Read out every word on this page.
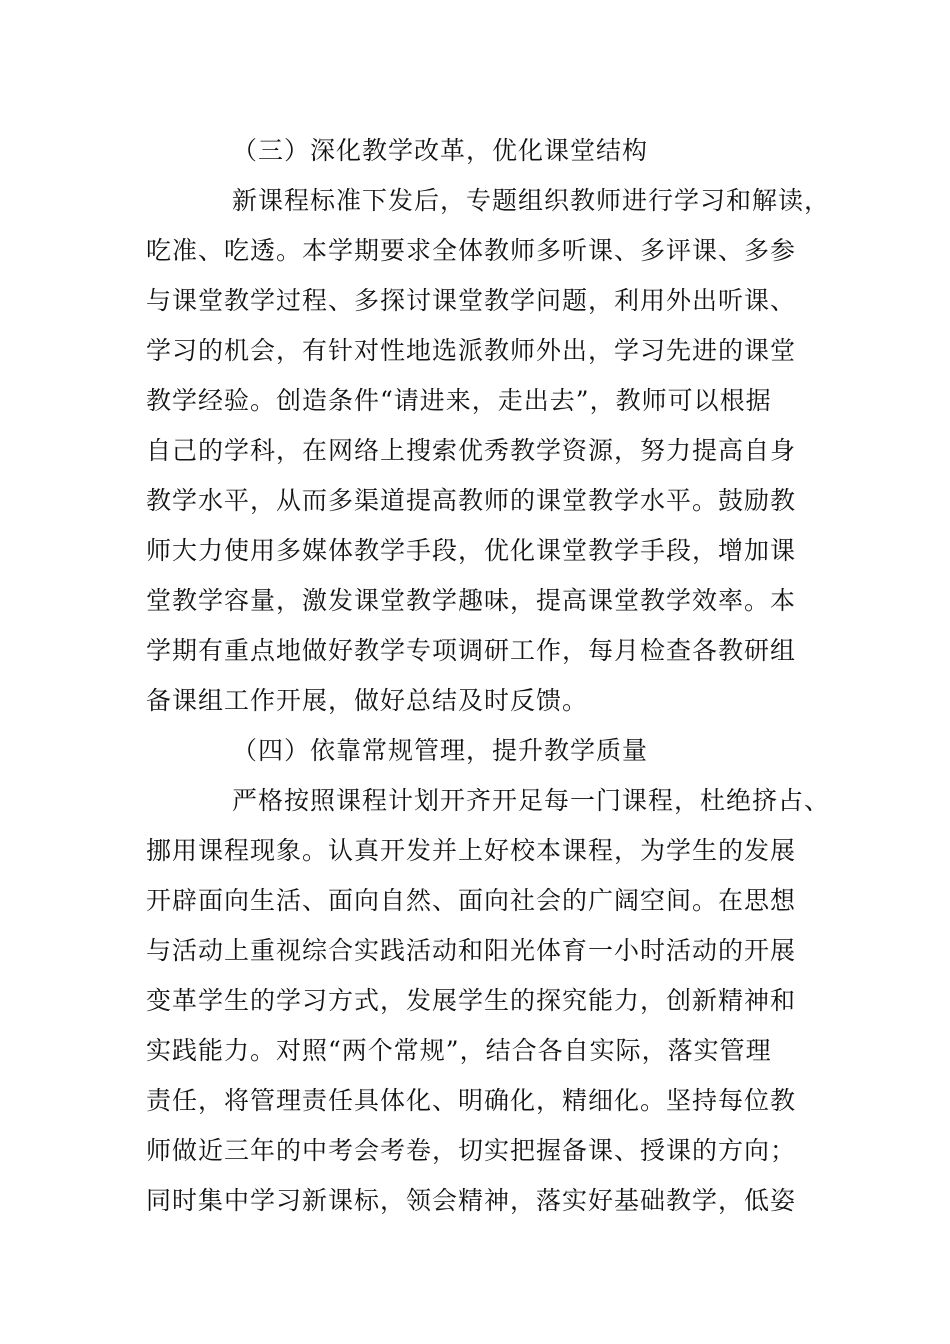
（三）深化教学改革，优化课堂结构

新课程标准下发后，专题组织教师进行学习和解读，

吃准、吃透。本学期要求全体教师多听课、多评课、多参

与课堂教学过程、多探讨课堂教学问题，利用外出听课、

学习的机会，有针对性地选派教师外出，学习先进的课堂

教学经验。创造条件“请进来，走出去”，教师可以根据

自己的学科，在网络上搜索优秀教学资源，努力提高自身

教学水平，从而多渠道提高教师的课堂教学水平。鼓励教

师大力使用多媒体教学手段，优化课堂教学手段，增加课

堂教学容量，激发课堂教学趣味，提高课堂教学效率。本

学期有重点地做好教学专项调研工作，每月检查各教研组

备课组工作开展，做好总结及时反馈。

（四）依靠常规管理，提升教学质量

严格按照课程计划开齐开足每一门课程，杜绝挤占、

挪用课程现象。认真开发并上好校本课程，为学生的发展

开辟面向生活、面向自然、面向社会的广阔空间。在思想

与活动上重视综合实践活动和阳光体育一小时活动的开展

变革学生的学习方式，发展学生的探究能力，创新精神和

实践能力。对照“两个常规”，结合各自实际，落实管理

责任，将管理责任具体化、明确化，精细化。坚持每位教

师做近三年的中考会考卷，切实把握备课、授课的方向；

同时集中学习新课标，领会精神，落实好基础教学，低姿
